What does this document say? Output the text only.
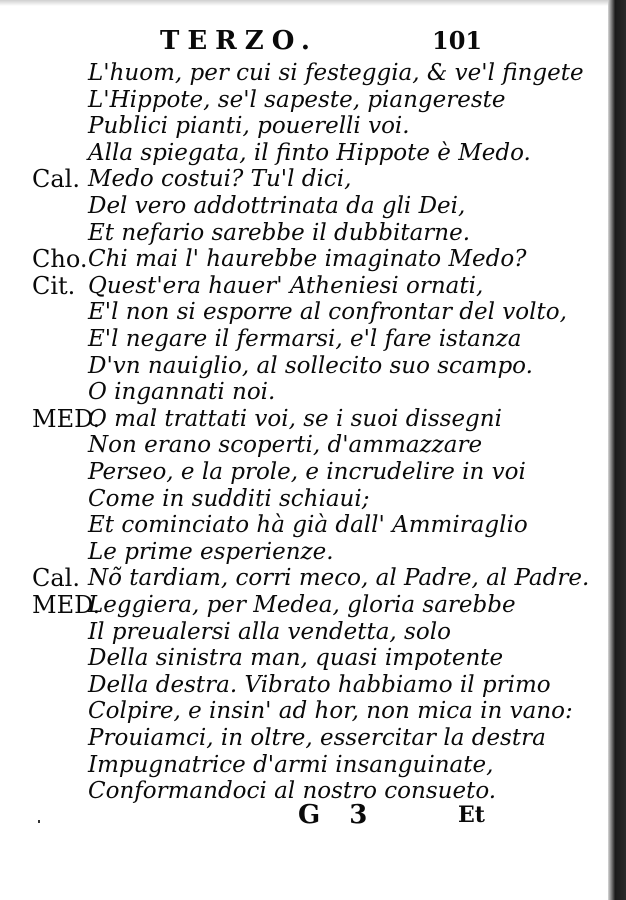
TERZO.	101
L'huom, per cui si festeggia, & ve'l fingete
L'Hippote, se'l sapeste, piangereste
Publici pianti, pouerelli voi.
Alla spiegata, il finto Hippote è Medo.
Cal. Medo costui? Tu'l dici,
Del vero addottrinata da gli Dei,
Et nefario sarebbe il dubbitarne.
Cho. Chi mai l' haurebbe imaginato Medo?
Cit. Quest'era hauer' Atheniesi ornati,
E'l non si esporre al confrontar del volto,
E'l negare il fermarsi, e'l fare istanza
D'vn nauiglio, al sollecito suo scampo.
O ingannati noi.
MED.
O mal trattati voi, se i suoi dissegni
Non erano scoperti, d'ammazzare
Perseo, e la prole, e incrudelire in voi
Come in sudditi schiaui;
Et cominciato hà già dall' Ammiraglio
Le prime esperienze.
Cal. Nõ tardiam, corri meco, al Padre, al Padre.
MED.
Leggiera, per Medea, gloria sarebbe
Il preualersi alla vendetta, solo
Della sinistra man, quasi impotente
Della destra. Vibrato habbiamo il primo
Colpire, e insin' ad hor, non mica in vano:
Prouiamci, in oltre, essercitar la destra
Impugnatrice d'armi insanguinate,
Conformandoci al nostro consueto.
G 3	Et
